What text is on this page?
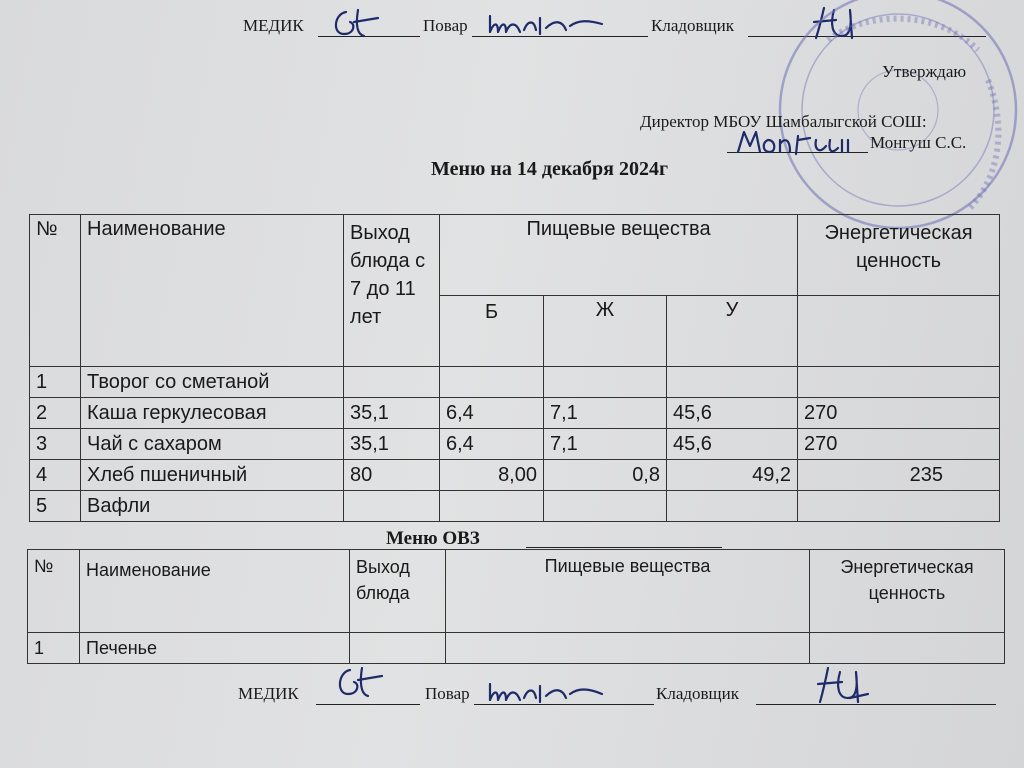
МЕДИК	Повар	Кладовщик
Утверждаю
Директор МБОУ Шамбалыгской СОШ:
Монгуш С.С.
Меню на 14 декабря 2024г
№	Наименование	Выход блюда с 7 до 11 лет	Пищевые вещества			Энергетическая ценность
			Б	Ж	У	
1	Творог со сметаной					
2	Каша геркулесовая	35,1	6,4	7,1	45,6	270
3	Чай с сахаром	35,1	6,4	7,1	45,6	270
4	Хлеб пшеничный	80	8,00	0,8	49,2	235
5	Вафли					
Меню ОВЗ
№	Наименование	Выход блюда	Пищевые вещества	Энергетическая ценность
1	Печенье			
МЕДИК	Повар	Кладовщик
